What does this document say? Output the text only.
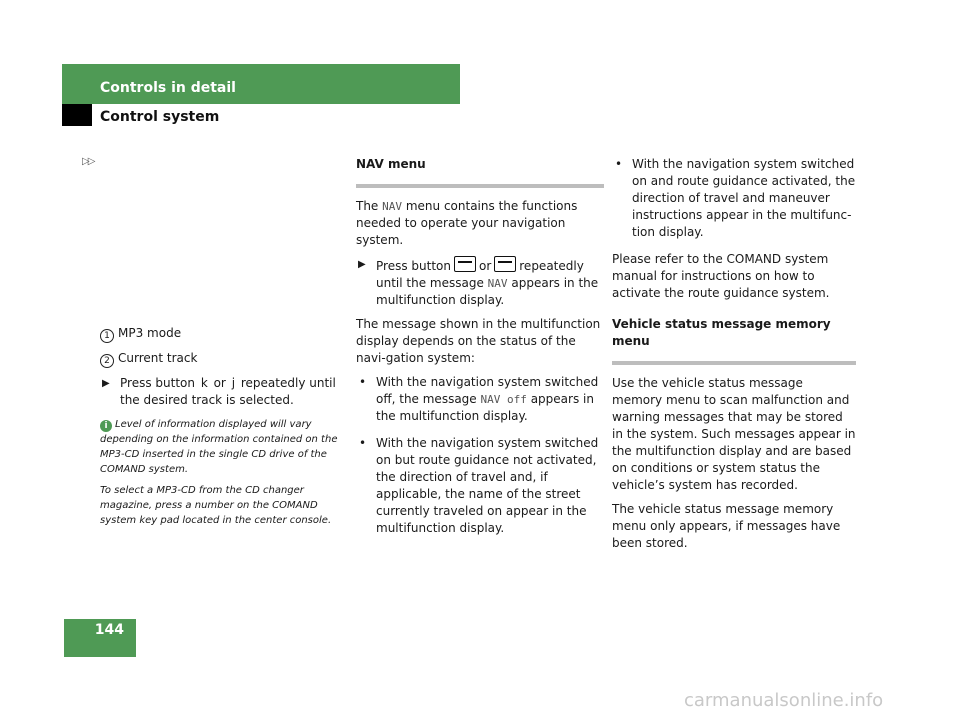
Controls in detail
Control system
▷▷

1 MP3 mode

2 Current track

▶ Press button k or j repeatedly until the desired track is selected.

i Level of information displayed will vary depending on the information contained on the MP3-CD inserted in the single CD drive of the COMAND system.

To select a MP3-CD from the CD changer magazine, press a number on the COMAND system key pad located in the center console.

NAV menu

The NAV menu contains the functions needed to operate your navigation system.

▶ Press button or repeatedly until the message NAV appears in the multifunction display.

The message shown in the multifunction display depends on the status of the navi-gation system:

• With the navigation system switched off, the message NAV off appears in the multifunction display.
• With the navigation system switched on but route guidance not activated, the direction of travel and, if applicable, the name of the street currently traveled on appear in the multifunction display.
• With the navigation system switched on and route guidance activated, the direction of travel and maneuver instructions appear in the multifunc-tion display.

Please refer to the COMAND system manual for instructions on how to activate the route guidance system.

Vehicle status message memory menu

Use the vehicle status message memory menu to scan malfunction and warning messages that may be stored in the system. Such messages appear in the multifunction display and are based on conditions or system status the vehicle’s system has recorded.

The vehicle status message memory menu only appears, if messages have been stored.

144
carmanualsonline.info
